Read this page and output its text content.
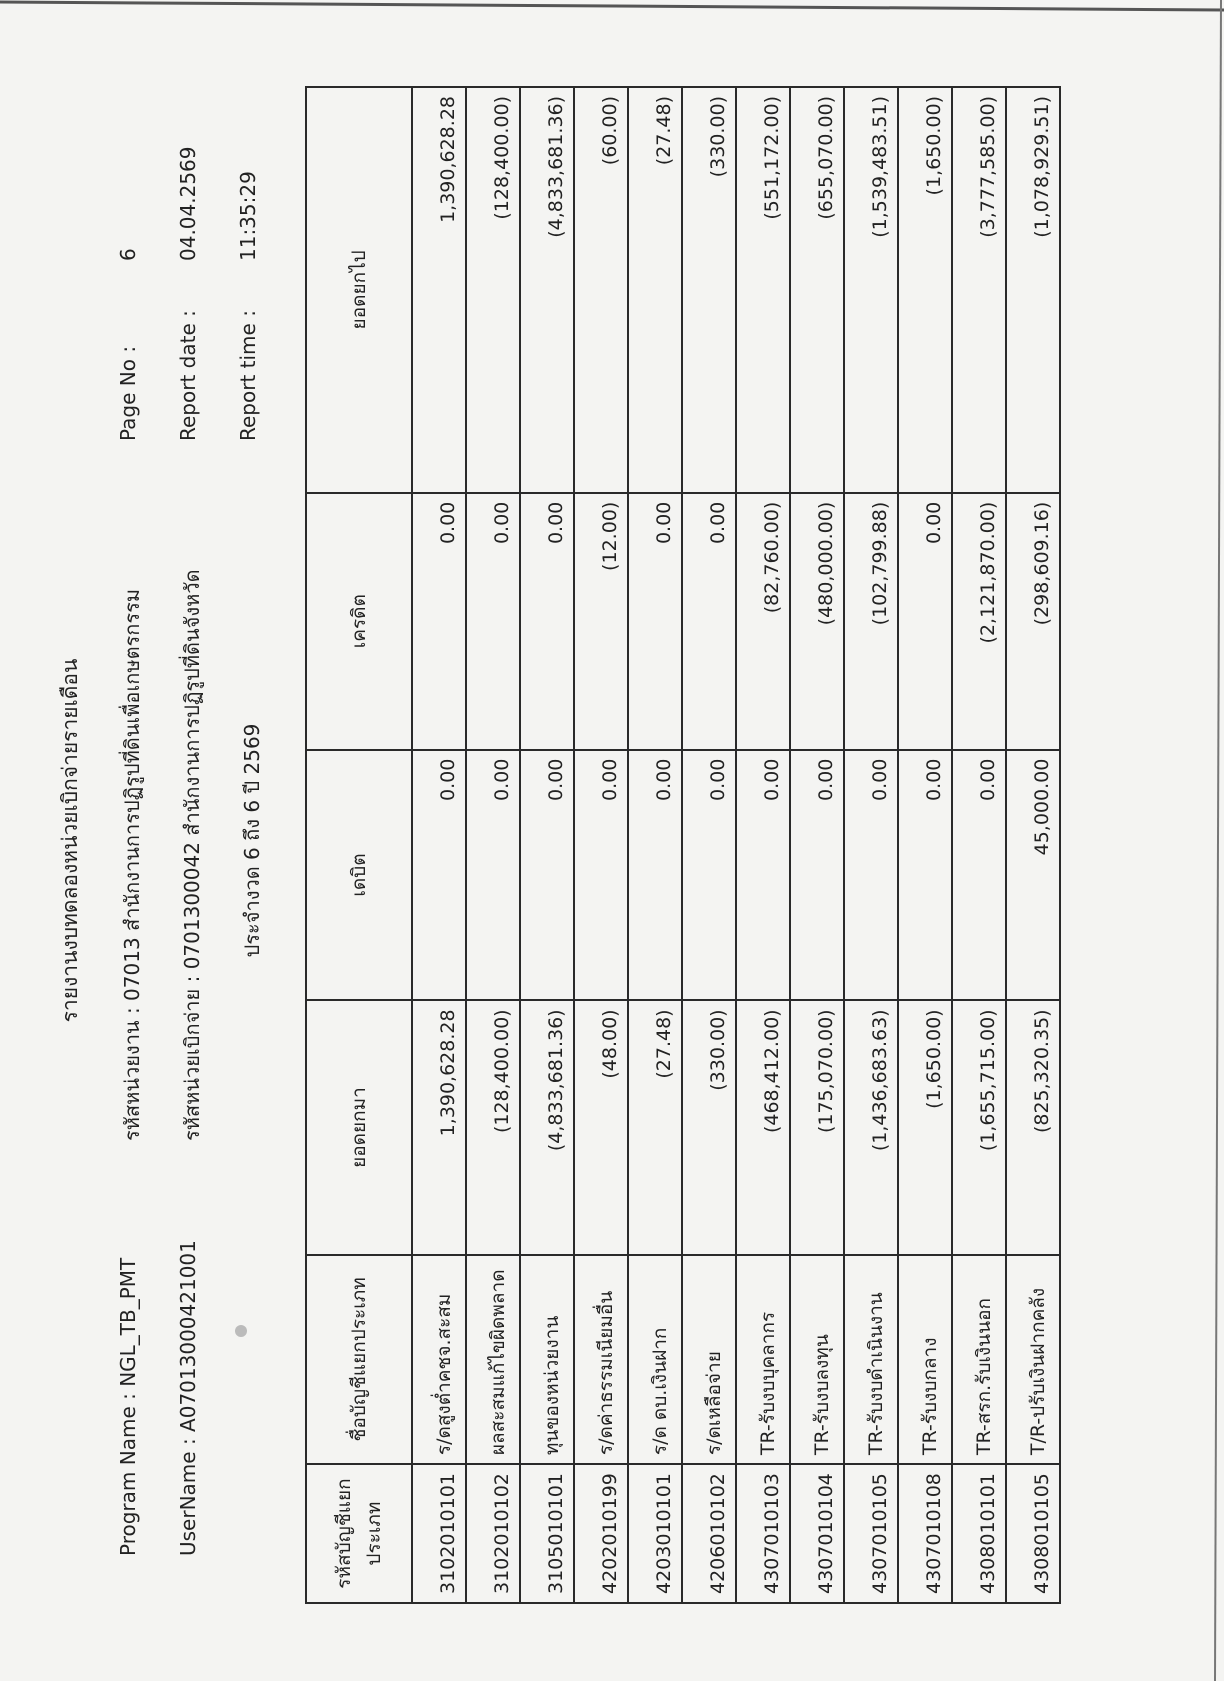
รายงานงบทดลองหน่วยเบิกจ่ายรายเดือน รหัสหน่วยงาน : 07013 สำนักงานการปฏิรูปที่ดินเพื่อเกษตรกรรม รหัสหน่วยเบิกจ่าย : 0701300042 สำนักงานการปฏิรูปที่ดินจังหวัด ประจำงวด 6 ถึง 6 ปี 2569
Program Name : NGL_TB_PMT UserName : A07013000421001
Page No :
6
Report date :
04.04.2569
Report time :
11:35:29
รหัสบัญชีแยกประเภท	ชื่อบัญชีแยกประเภท	ยอดยกมา	เดบิต	เครดิต	ยอดยกไป
3102010101	ร/ดสูงต่ำคชจ.สะสม	1,390,628.28	0.00	0.00	1,390,628.28
3102010102	ผลสะสมแก้ไขผิดพลาด	(128,400.00)	0.00	0.00	(128,400.00)
3105010101	ทุนของหน่วยงาน	(4,833,681.36)	0.00	0.00	(4,833,681.36)
4202010199	ร/ดค่าธรรมเนียมอื่น	(48.00)	0.00	(12.00)	(60.00)
4203010101	ร/ด ดบ.เงินฝาก	(27.48)	0.00	0.00	(27.48)
4206010102	ร/ดเหลือจ่าย	(330.00)	0.00	0.00	(330.00)
4307010103	TR-รับงบบุคลากร	(468,412.00)	0.00	(82,760.00)	(551,172.00)
4307010104	TR-รับงบลงทุน	(175,070.00)	0.00	(480,000.00)	(655,070.00)
4307010105	TR-รับงบดำเนินงาน	(1,436,683.63)	0.00	(102,799.88)	(1,539,483.51)
4307010108	TR-รับงบกลาง	(1,650.00)	0.00	0.00	(1,650.00)
4308010101	TR-สรก.รับเงินนอก	(1,655,715.00)	0.00	(2,121,870.00)	(3,777,585.00)
4308010105	T/R-ปรับเงินฝากคลัง	(825,320.35)	45,000.00	(298,609.16)	(1,078,929.51)
